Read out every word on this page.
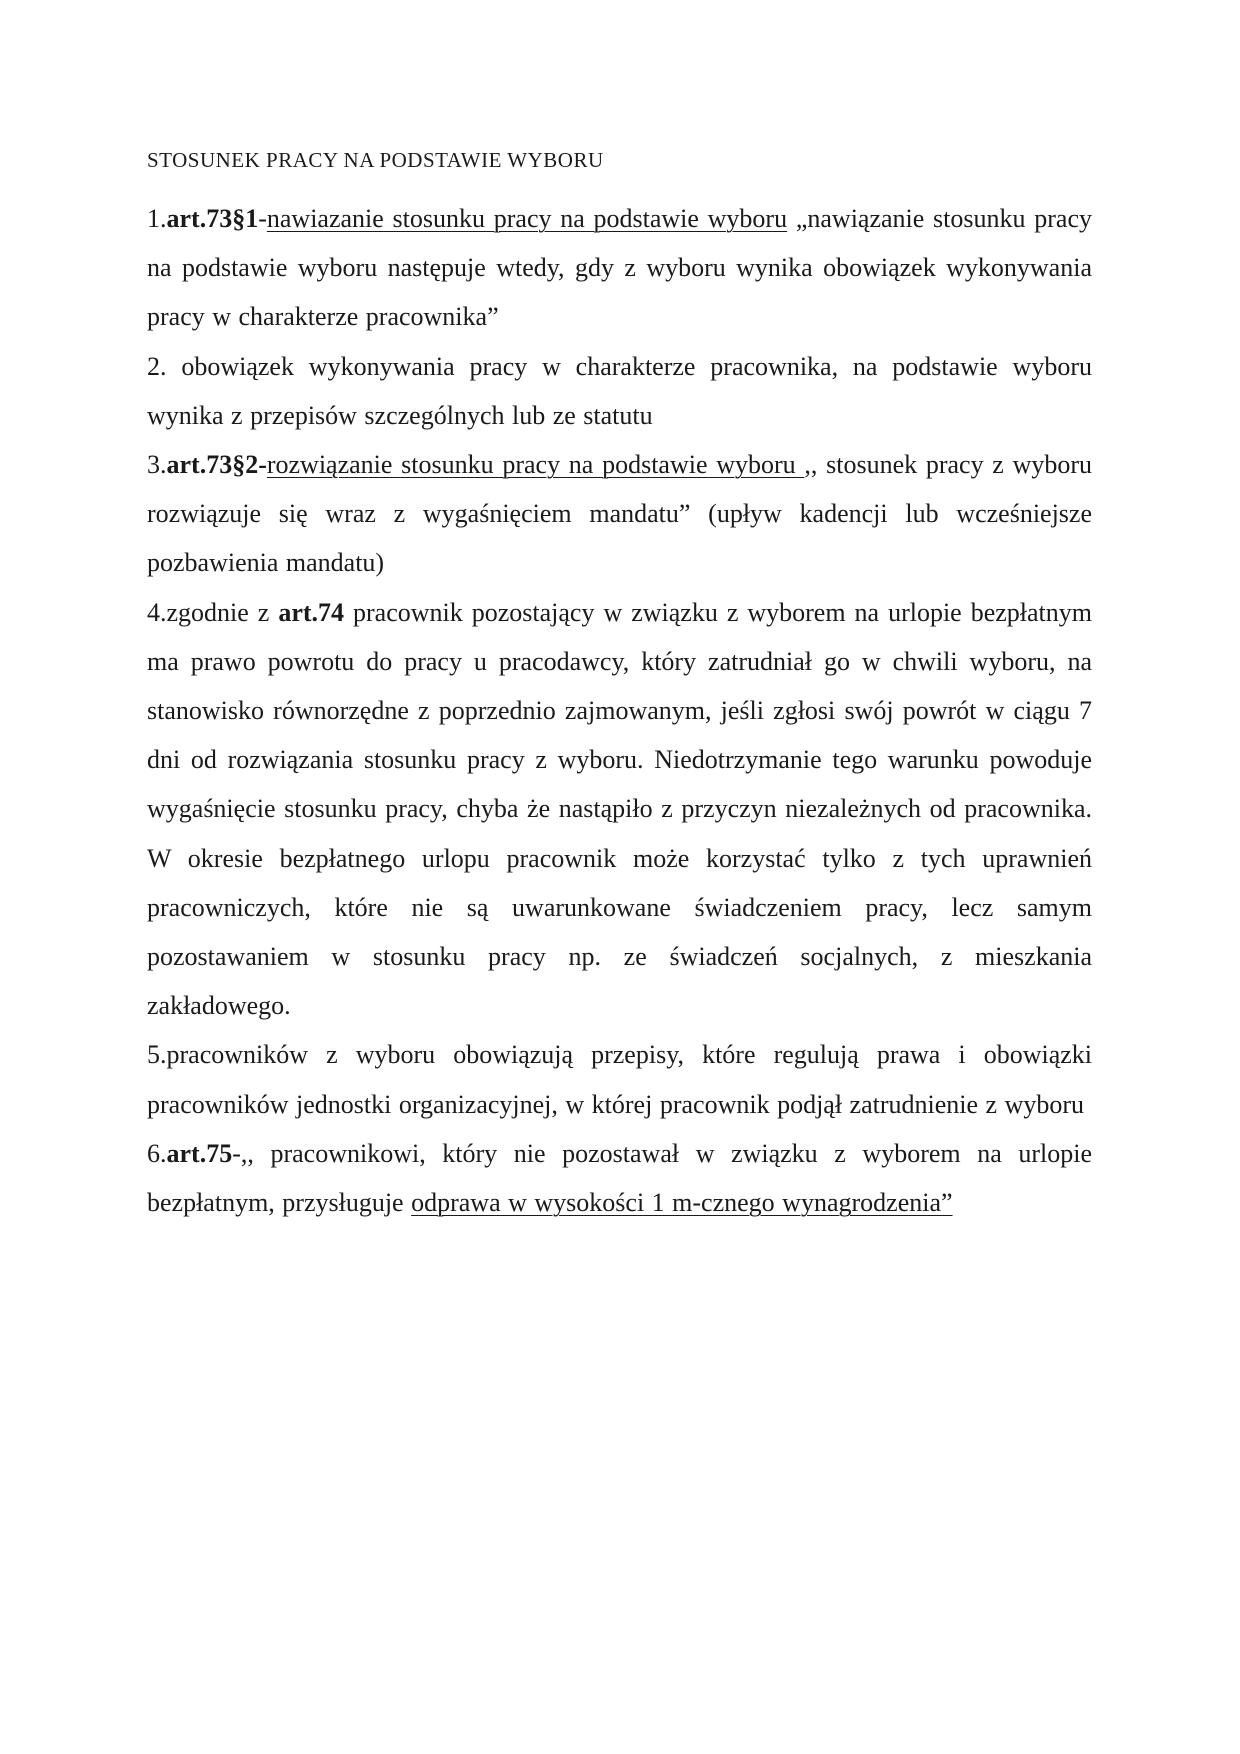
STOSUNEK PRACY NA PODSTAWIE WYBORU

1.art.73§1-nawiazanie stosunku pracy na podstawie wyboru „nawiązanie stosunku pracy na podstawie wyboru następuje wtedy, gdy z wyboru wynika obowiązek wykonywania pracy w charakterze pracownika”

2. obowiązek wykonywania pracy w charakterze pracownika, na podstawie wyboru wynika z przepisów szczególnych lub ze statutu

3.art.73§2-rozwiązanie stosunku pracy na podstawie wyboru ,, stosunek pracy z wyboru rozwiązuje się wraz z wygaśnięciem mandatu” (upływ kadencji lub wcześniejsze pozbawienia mandatu)

4.zgodnie z art.74 pracownik pozostający w związku z wyborem na urlopie bezpłatnym ma prawo powrotu do pracy u pracodawcy, który zatrudniał go w chwili wyboru, na stanowisko równorzędne z poprzednio zajmowanym, jeśli zgłosi swój powrót w ciągu 7 dni od rozwiązania stosunku pracy z wyboru. Niedotrzymanie tego warunku powoduje wygaśnięcie stosunku pracy, chyba że nastąpiło z przyczyn niezależnych od pracownika. W okresie bezpłatnego urlopu pracownik może korzystać tylko z tych uprawnień pracowniczych, które nie są uwarunkowane świadczeniem pracy, lecz samym pozostawaniem w stosunku pracy np. ze świadczeń socjalnych, z mieszkania zakładowego.

5.pracowników z wyboru obowiązują przepisy, które regulują prawa i obowiązki pracowników jednostki organizacyjnej, w której pracownik podjął zatrudnienie z wyboru

6.art.75-,, pracownikowi, który nie pozostawał w związku z wyborem na urlopie bezpłatnym, przysługuje odprawa w wysokości 1 m-cznego wynagrodzenia”
